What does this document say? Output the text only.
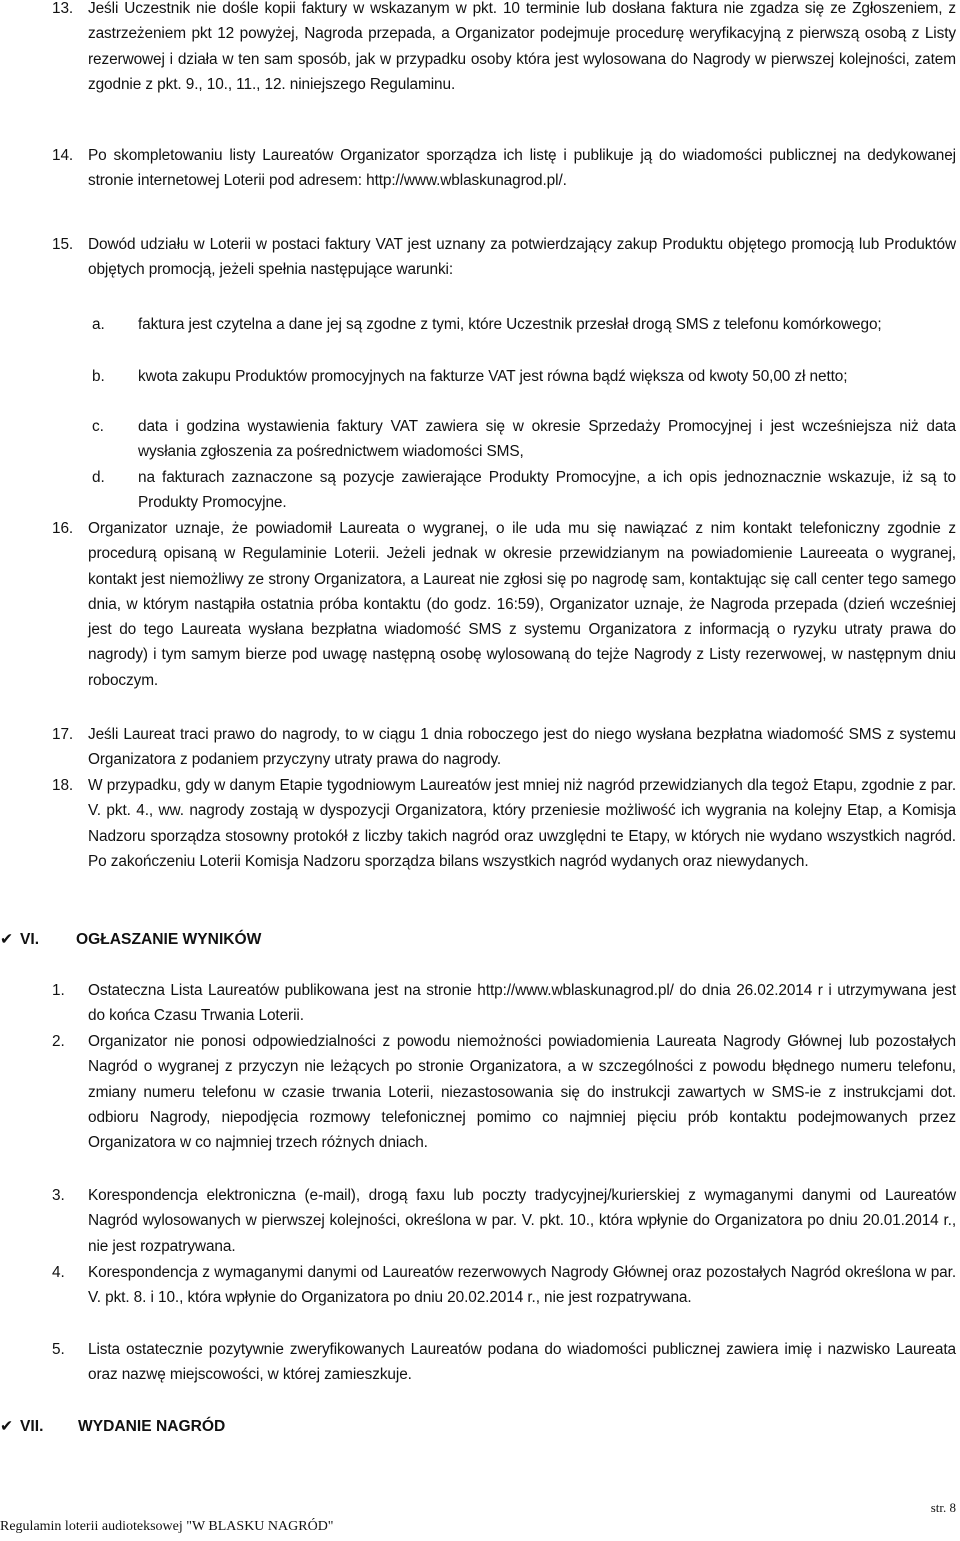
13. Jeśli Uczestnik nie dośle kopii faktury w wskazanym w pkt. 10 terminie lub dosłana faktura nie zgadza się ze Zgłoszeniem, z zastrzeżeniem pkt 12 powyżej, Nagroda przepada, a Organizator podejmuje procedurę weryfikacyjną z pierwszą osobą z Listy rezerwowej i działa w ten sam sposób, jak w przypadku osoby która jest wylosowana do Nagrody w pierwszej kolejności, zatem zgodnie z pkt. 9., 10., 11., 12. niniejszego Regulaminu.
14. Po skompletowaniu listy Laureatów Organizator sporządza ich listę i publikuje ją do wiadomości publicznej na dedykowanej stronie internetowej Loterii pod adresem: http://www.wblaskunagrod.pl/.
15. Dowód udziału w Loterii w postaci faktury VAT jest uznany za potwierdzający zakup Produktu objętego promocją lub Produktów objętych promocją, jeżeli spełnia następujące warunki:
a.	faktura jest czytelna a dane jej są zgodne z tymi, które Uczestnik przesłał drogą SMS z telefonu komórkowego;
b.	kwota zakupu Produktów promocyjnych na fakturze VAT jest równa bądź większa od kwoty 50,00 zł netto;
c.	data i godzina wystawienia faktury VAT zawiera się w okresie Sprzedaży Promocyjnej i jest wcześniejsza niż data wysłania zgłoszenia za pośrednictwem wiadomości SMS,
d.	na fakturach zaznaczone są pozycje zawierające Produkty Promocyjne, a ich opis jednoznacznie wskazuje, iż są to Produkty Promocyjne.
16. Organizator uznaje, że powiadomił Laureata o wygranej, o ile uda mu się nawiązać z nim kontakt telefoniczny zgodnie z procedurą opisaną w Regulaminie Loterii. Jeżeli jednak w okresie przewidzianym na powiadomienie Laureeata o wygranej, kontakt jest niemożliwy ze strony Organizatora, a Laureat nie zgłosi się po nagrodę sam, kontaktując się call center tego samego dnia, w którym nastąpiła ostatnia próba kontaktu (do godz. 16:59), Organizator uznaje, że Nagroda przepada (dzień wcześniej jest do tego Laureata wysłana bezpłatna wiadomość SMS z systemu Organizatora z informacją o ryzyku utraty prawa do nagrody) i tym samym bierze pod uwagę następną osobę wylosowaną do tejże Nagrody z Listy rezerwowej, w następnym dniu roboczym.
17. Jeśli Laureat traci prawo do nagrody, to w ciągu 1 dnia roboczego jest do niego wysłana bezpłatna wiadomość SMS z systemu Organizatora z podaniem przyczyny utraty prawa do nagrody.
18. W przypadku, gdy w danym Etapie tygodniowym Laureatów jest mniej niż nagród przewidzianych dla tegoż Etapu, zgodnie z par. V. pkt. 4., ww. nagrody zostają w dyspozycji Organizatora, który przeniesie możliwość ich wygrania na kolejny Etap, a Komisja Nadzoru sporządza stosowny protokół z liczby takich nagród oraz uwzględni te Etapy, w których nie wydano wszystkich nagród. Po zakończeniu Loterii Komisja Nadzoru sporządza bilans wszystkich nagród wydanych oraz niewydanych.
✔ VI. OGŁASZANIE WYNIKÓW
1.	Ostateczna Lista Laureatów publikowana jest na stronie http://www.wblaskunagrod.pl/ do dnia 26.02.2014 r i utrzymywana jest do końca Czasu Trwania Loterii.
2.	Organizator nie ponosi odpowiedzialności z powodu niemożności powiadomienia Laureata Nagrody Głównej lub pozostałych Nagród o wygranej z przyczyn nie leżących po stronie Organizatora, a w szczególności z powodu błędnego numeru telefonu, zmiany numeru telefonu w czasie trwania Loterii, niezastosowania się do instrukcji zawartych w SMS-ie z instrukcjami dot. odbioru Nagrody, niepodjęcia rozmowy telefonicznej pomimo co najmniej pięciu prób kontaktu podejmowanych przez Organizatora w co najmniej trzech różnych dniach.
3.	Korespondencja elektroniczna (e-mail), drogą faxu lub poczty tradycyjnej/kurierskiej z wymaganymi danymi od Laureatów Nagród wylosowanych w pierwszej kolejności, określona w par. V. pkt. 10., która wpłynie do Organizatora po dniu 20.01.2014 r., nie jest rozpatrywana.
4.	Korespondencja z wymaganymi danymi od Laureatów rezerwowych Nagrody Głównej oraz pozostałych Nagród określona w par. V. pkt. 8. i 10., która wpłynie do Organizatora po dniu 20.02.2014 r., nie jest rozpatrywana.
5.	Lista ostatecznie pozytywnie zweryfikowanych Laureatów podana do wiadomości publicznej zawiera imię i nazwisko Laureata oraz nazwę miejscowości, w której zamieszkuje.
✔ VII. WYDANIE NAGRÓD
Regulamin loterii audioteksowej "W BLASKU NAGRÓD"
str. 8
